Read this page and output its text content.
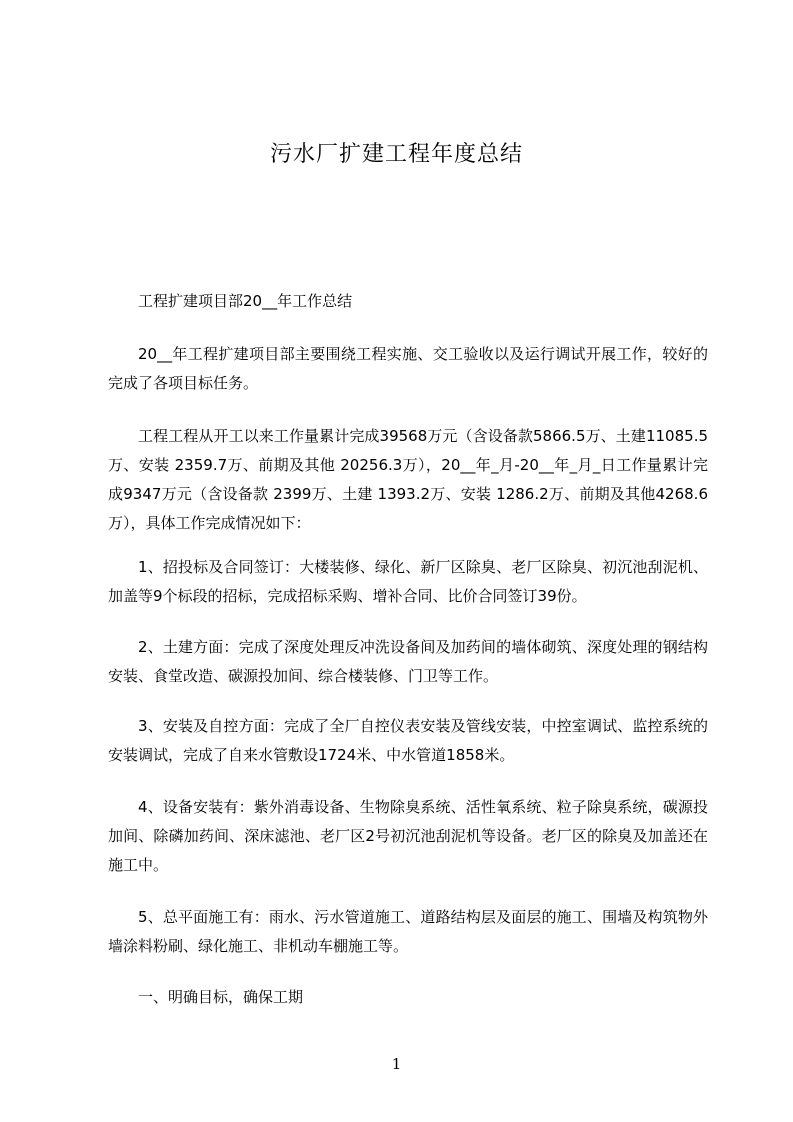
污水厂扩建工程年度总结

工程扩建项目部20__年工作总结

20__年工程扩建项目部主要围绕工程实施、交工验收以及运行调试开展工作，较好的完成了各项目标任务。

工程工程从开工以来工作量累计完成39568万元（含设备款5866.5万、土建11085.5万、安装 2359.7万、前期及其他 20256.3万），20__年_月-20__年_月_日工作量累计完成9347万元（含设备款 2399万、土建 1393.2万、安装 1286.2万、前期及其他4268.6万），具体工作完成情况如下：

1、招投标及合同签订：大楼装修、绿化、新厂区除臭、老厂区除臭、初沉池刮泥机、加盖等9个标段的招标，完成招标采购、增补合同、比价合同签订39份。

2、土建方面：完成了深度处理反冲洗设备间及加药间的墙体砌筑、深度处理的钢结构安装、食堂改造、碳源投加间、综合楼装修、门卫等工作。

3、安装及自控方面：完成了全厂自控仪表安装及管线安装，中控室调试、监控系统的安装调试，完成了自来水管敷设1724米、中水管道1858米。

4、设备安装有：紫外消毒设备、生物除臭系统、活性氧系统、粒子除臭系统，碳源投加间、除磷加药间、深床滤池、老厂区2号初沉池刮泥机等设备。老厂区的除臭及加盖还在施工中。

5、总平面施工有：雨水、污水管道施工、道路结构层及面层的施工、围墙及构筑物外墙涂料粉刷、绿化施工、非机动车棚施工等。

一、明确目标，确保工期

1
